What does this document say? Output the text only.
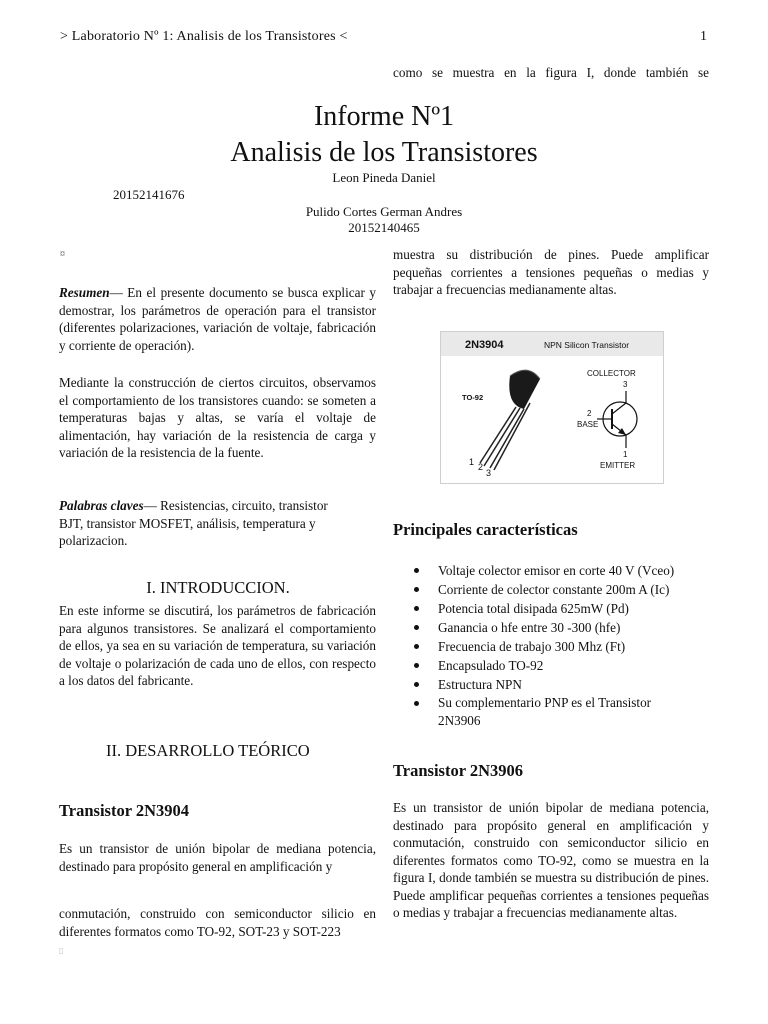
> Laboratorio Nº 1: Analisis de los Transistores <	1
como se muestra en la figura I, donde también se
Informe Nº1
Analisis de los Transistores
Leon Pineda Daniel
20152141676
Pulido Cortes German Andres
20152140465
¤
Resumen— En el presente documento se busca explicar y demostrar, los parámetros de operación para el transistor (diferentes polarizaciones, variación de voltaje, fabricación y corriente de operación).
Mediante la construcción de ciertos circuitos, observamos el comportamiento de los transistores cuando: se someten a temperaturas bajas y altas, se varía el voltaje de alimentación, hay variación de la resistencia de carga y variación de la resistencia de la fuente.
Palabras claves— Resistencias, circuito, transistor BJT, transistor MOSFET, análisis, temperatura y polarizacion.
I. INTRODUCCION.
En este informe se discutirá, los parámetros de fabricación para algunos transistores. Se analizará el comportamiento de ellos, ya sea en su variación de temperatura, su variación de voltaje o polarización de cada uno de ellos, con respecto a los datos del fabricante.
II. DESARROLLO TEÓRICO
Transistor 2N3904
Es un transistor de unión bipolar de mediana potencia, destinado para propósito general en amplificación y
conmutación, construido con semiconductor silicio en diferentes formatos como TO-92, SOT-23 y SOT-223
▯
muestra su distribución de pines. Puede amplificar pequeñas corrientes a tensiones pequeñas o medias y trabajar a frecuencias medianamente altas.
2N3904	NPN Silicon Transistor
TO-92
1 2
3
COLLECTOR
3
2
BASE
1
EMITTER
Principales características
Voltaje colector emisor en corte 40 V (Vceo)
Corriente de colector constante 200m A (Ic)
Potencia total disipada 625mW (Pd)
Ganancia o hfe entre 30 -300 (hfe)
Frecuencia de trabajo 300 Mhz (Ft)
Encapsulado TO-92
Estructura NPN
Su complementario PNP es el Transistor 2N3906
Transistor 2N3906
Es un transistor de unión bipolar de mediana potencia, destinado para propósito general en amplificación y conmutación, construido con semiconductor silicio en diferentes formatos como TO-92, como se muestra en la figura I, donde también se muestra su distribución de pines. Puede amplificar pequeñas corrientes a tensiones pequeñas o medias y trabajar a frecuencias medianamente altas.
